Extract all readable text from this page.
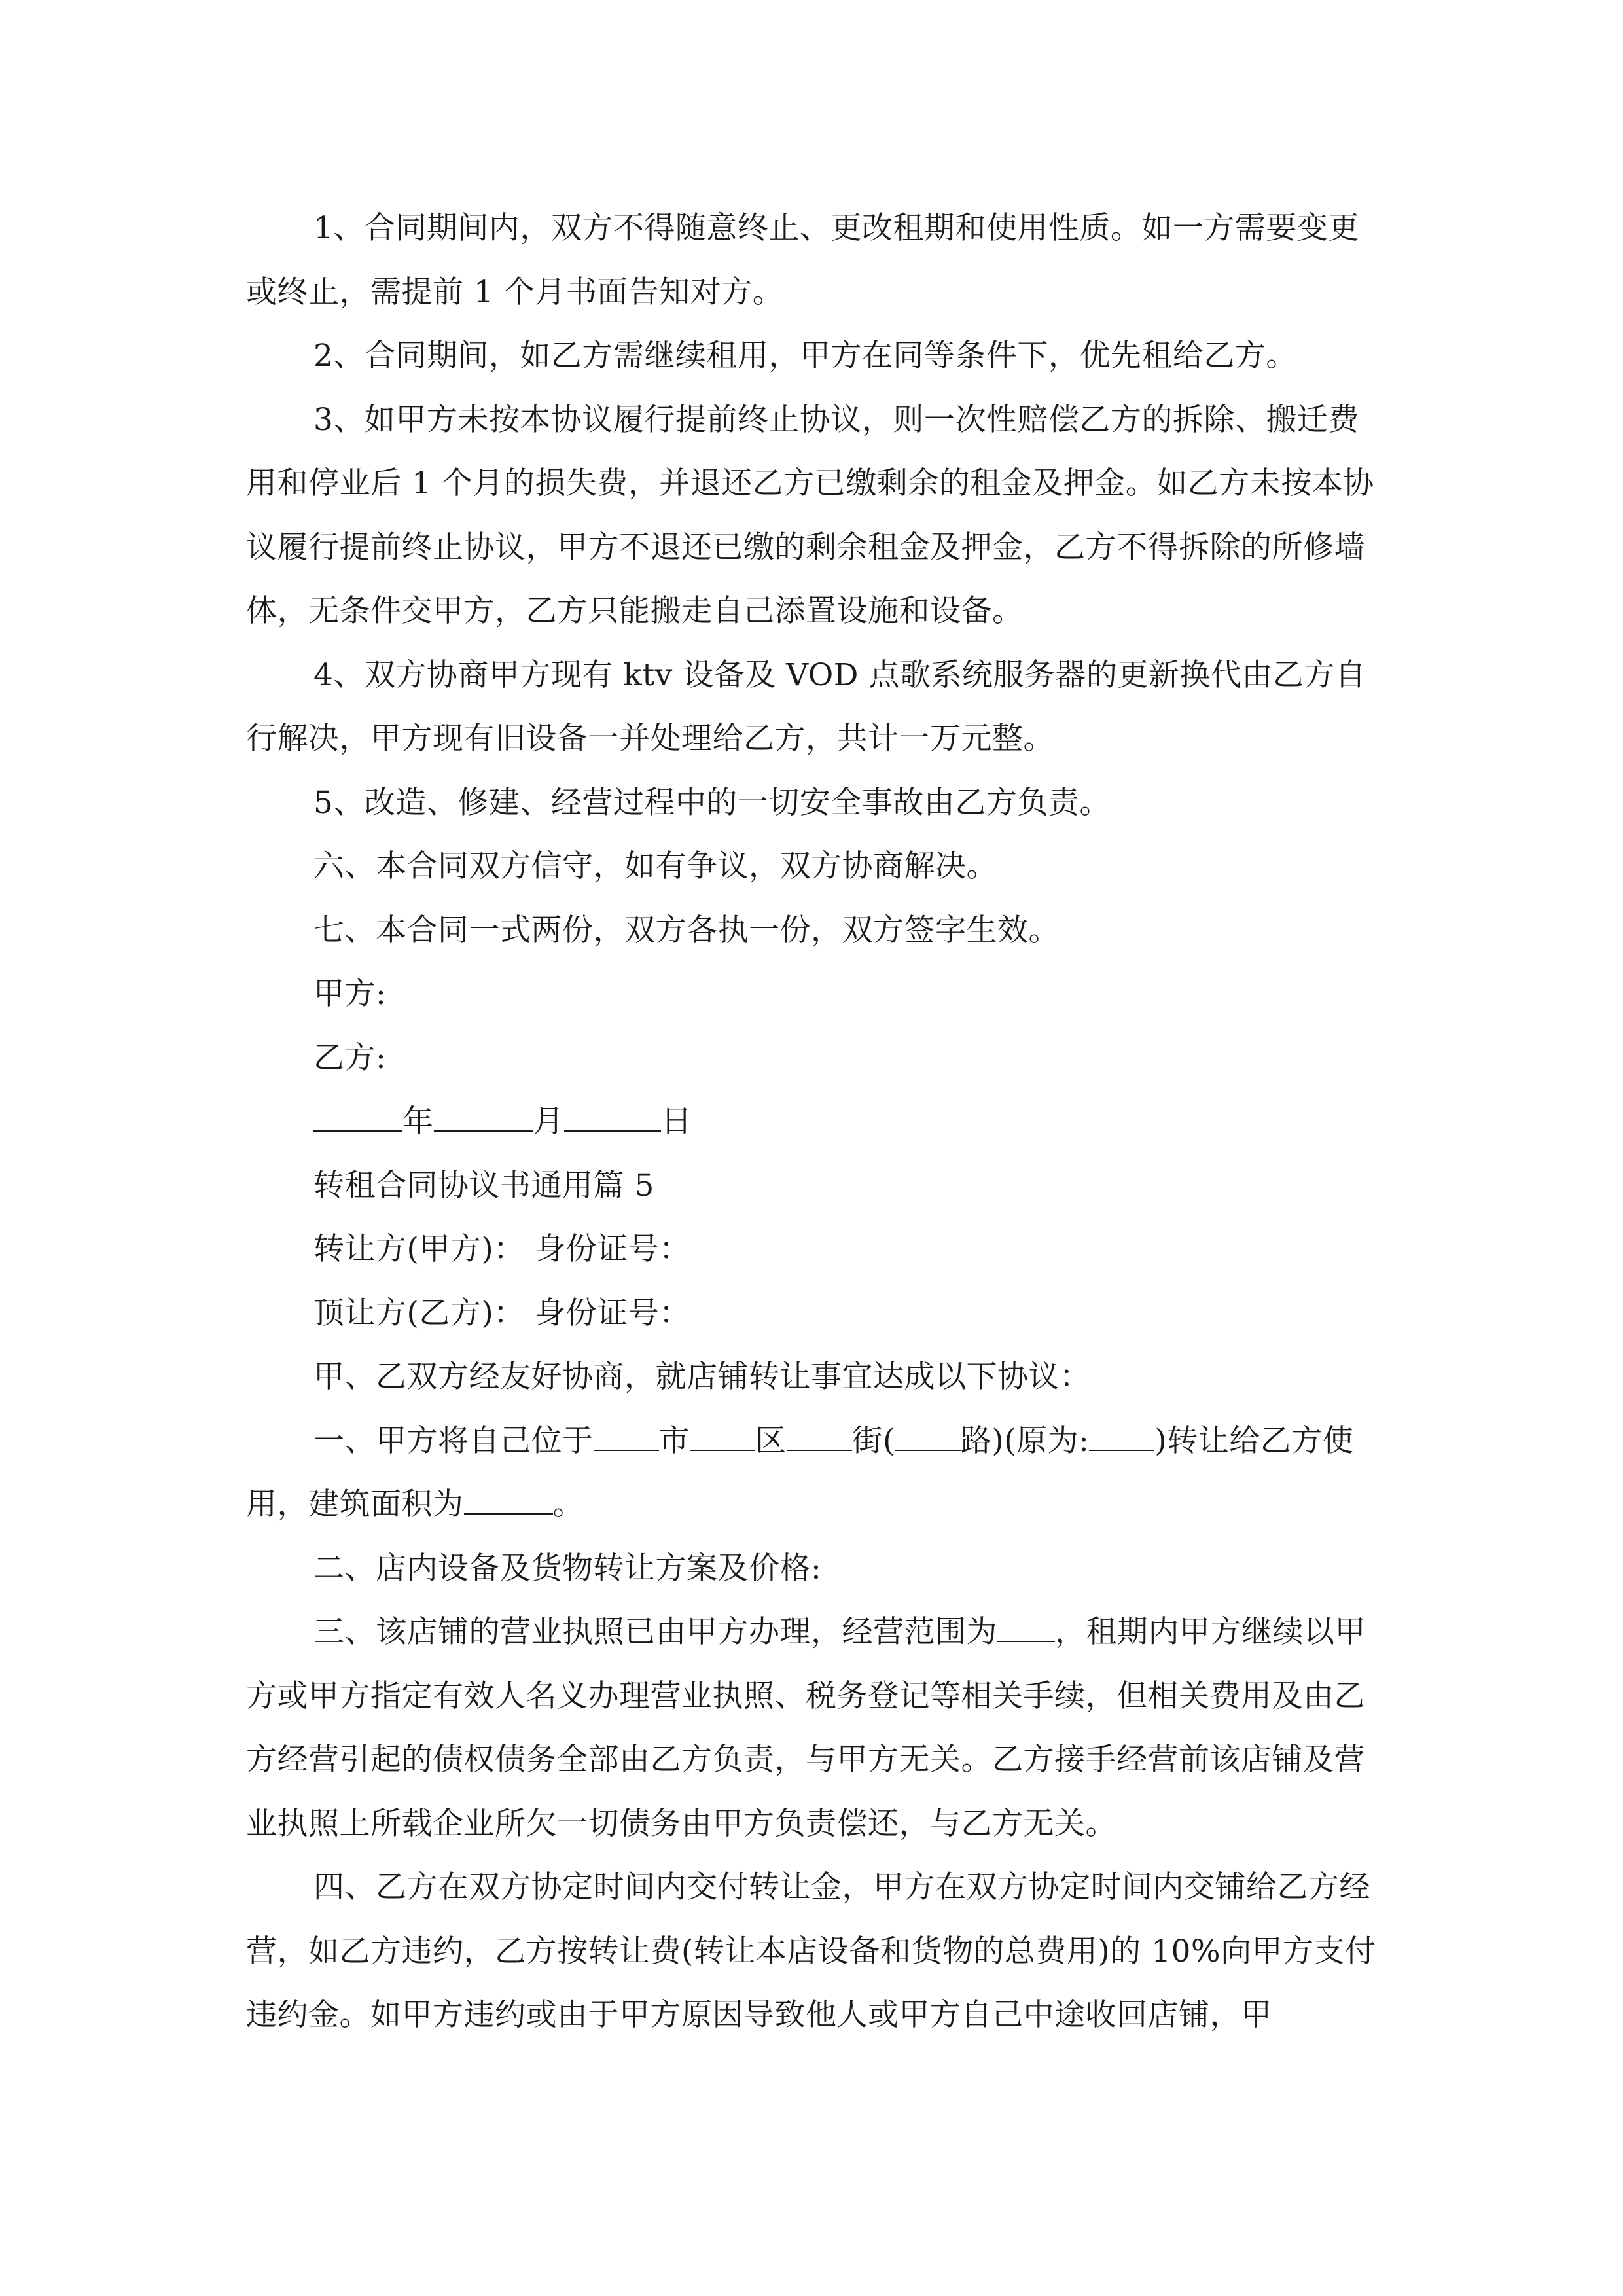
1、合同期间内，双方不得随意终止、更改租期和使用性质。如一方需要变更或终止，需提前 1 个月书面告知对方。

2、合同期间，如乙方需继续租用，甲方在同等条件下，优先租给乙方。

3、如甲方未按本协议履行提前终止协议，则一次性赔偿乙方的拆除、搬迁费用和停业后 1 个月的损失费，并退还乙方已缴剩余的租金及押金。如乙方未按本协议履行提前终止协议，甲方不退还已缴的剩余租金及押金，乙方不得拆除的所修墙体，无条件交甲方，乙方只能搬走自己添置设施和设备。

4、双方协商甲方现有 ktv 设备及 VOD 点歌系统服务器的更新换代由乙方自行解决，甲方现有旧设备一并处理给乙方，共计一万元整。

5、改造、修建、经营过程中的一切安全事故由乙方负责。

六、本合同双方信守，如有争议，双方协商解决。

七、本合同一式两份，双方各执一份，双方签字生效。

甲方:

乙方:

年	月	日

转租合同协议书通用篇 5

转让方(甲方)： 身份证号：

顶让方(乙方)： 身份证号：

甲、乙双方经友好协商，就店铺转让事宜达成以下协议：

一、甲方将自己位于 市 区 街( 路)(原为: )转让给乙方使用，建筑面积为	。

二、店内设备及货物转让方案及价格:

三、该店铺的营业执照已由甲方办理，经营范围为 ，租期内甲方继续以甲方或甲方指定有效人名义办理营业执照、税务登记等相关手续，但相关费用及由乙方经营引起的债权债务全部由乙方负责，与甲方无关。乙方接手经营前该店铺及营业执照上所载企业所欠一切债务由甲方负责偿还，与乙方无关。

四、乙方在双方协定时间内交付转让金，甲方在双方协定时间内交铺给乙方经营，如乙方违约，乙方按转让费(转让本店设备和货物的总费用)的 10%向甲方支付违约金。如甲方违约或由于甲方原因导致他人或甲方自己中途收回店铺，甲
